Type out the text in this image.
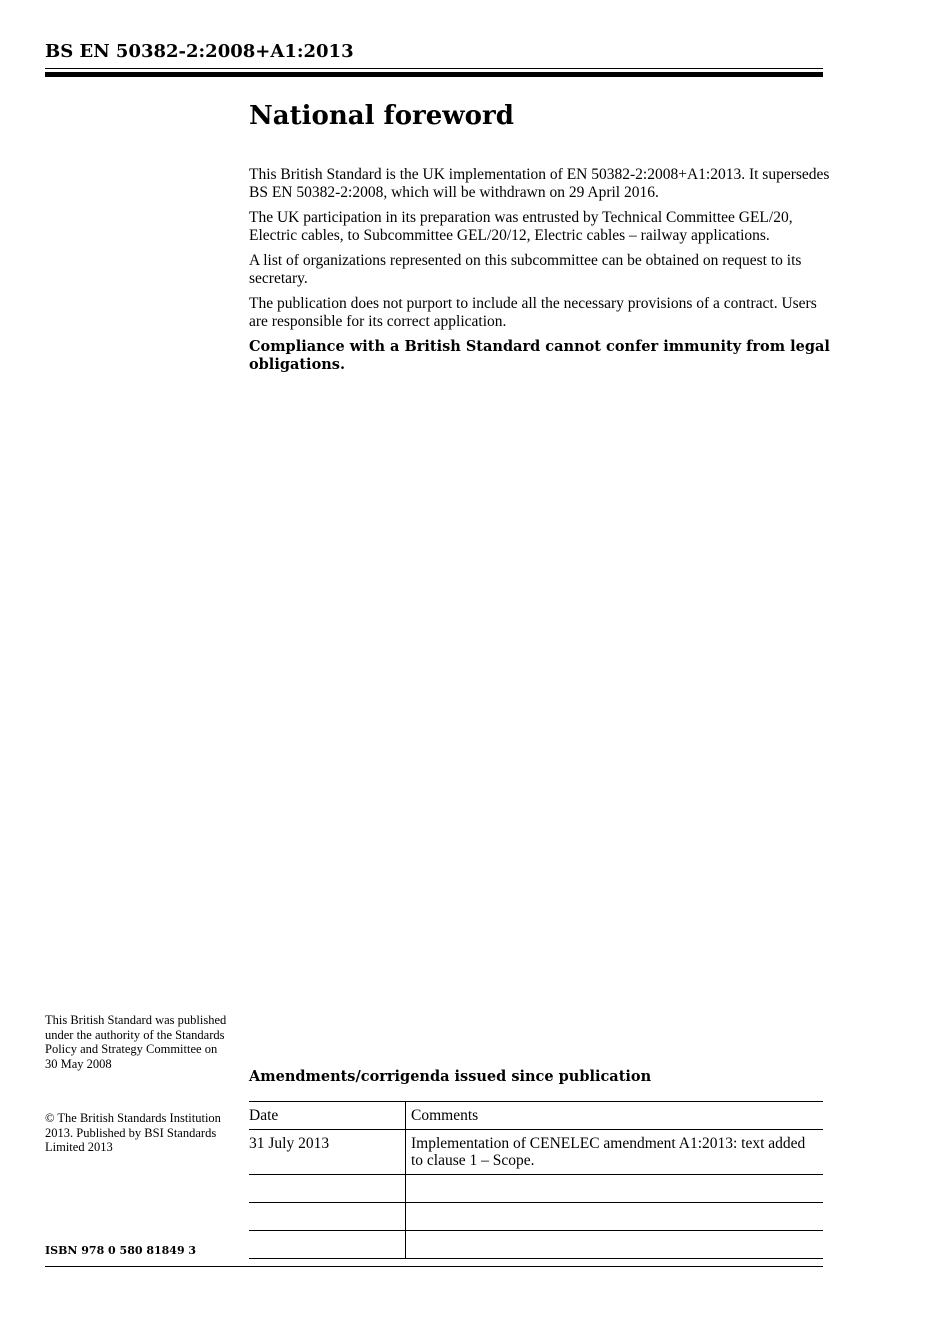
BS EN 50382-2:2008+A1:2013
National foreword

This British Standard is the UK implementation of EN 50382-2:2008+A1:2013. It supersedes BS EN 50382-2:2008, which will be withdrawn on 29 April 2016.

The UK participation in its preparation was entrusted by Technical Committee GEL/20, Electric cables, to Subcommittee GEL/20/12, Electric cables – railway applications.

A list of organizations represented on this subcommittee can be obtained on request to its secretary.

The publication does not purport to include all the necessary provisions of a contract. Users are responsible for its correct application.

Compliance with a British Standard cannot confer immunity from legal obligations.

This British Standard was published under the authority of the Standards Policy and Strategy Committee on 30 May 2008
© The British Standards Institution 2013. Published by BSI Standards Limited 2013
ISBN 978 0 580 81849 3
Amendments/corrigenda issued since publication
Date	Comments
31 July 2013	Implementation of CENELEC amendment A1:2013: text added to clause 1 – Scope.
